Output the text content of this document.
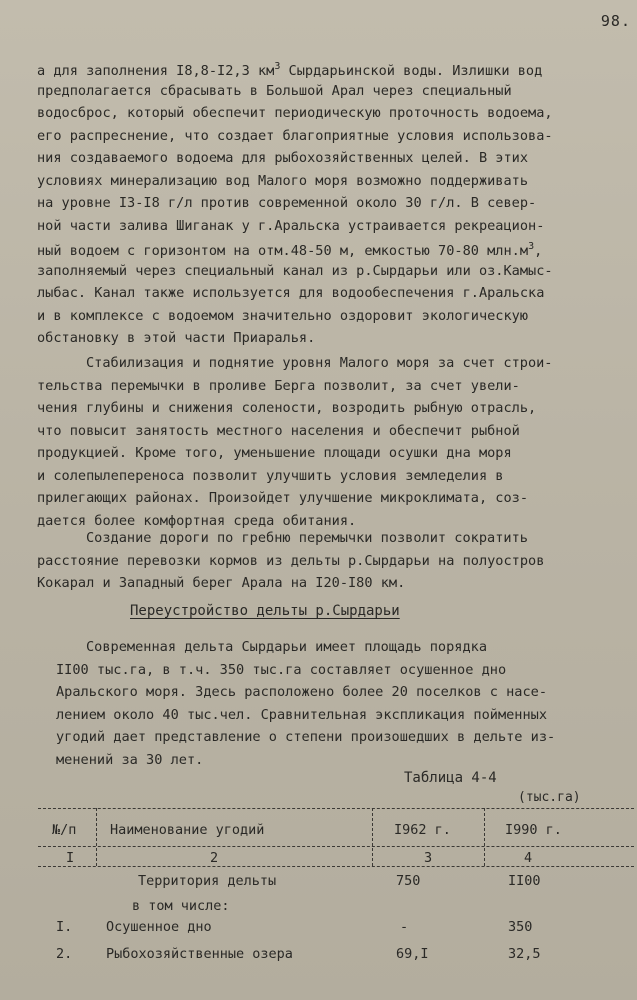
98.
а для заполнения I8,8-I2,3 $км^3$ Сырдарьинской воды. Излишки вод
предполагается сбрасывать в Большой Арал через специальный
водосброс, который обеспечит периодическую проточность водоема,
его распреснение, что создает благоприятные условия использова-
ния создаваемого водоема для рыбохозяйственных целей. В этих
условиях минерализацию вод Малого моря возможно поддерживать
на уровне I3-I8 г/л против современной около 30 г/л. В север-
ной части залива Шиганак у г.Аральска устраивается рекреацион-
ный водоем с горизонтом на отм.48-50 м, емкостью 70-80 $млн.м^3$,
заполняемый через специальный канал из р.Сырдарьи или оз.Камыс-
лыбас. Канал также используется для водообеспечения г.Аральска
и в комплексе с водоемом значительно оздоровит экологическую
обстановку в этой части Приаралья.
Стабилизация и поднятие уровня Малого моря за счет строи-
тельства перемычки в проливе Берга позволит, за счет увели-
чения глубины и снижения солености, возродить рыбную отрасль,
что повысит занятость местного населения и обеспечит рыбной
продукцией. Кроме того, уменьшение площади осушки дна моря
и солепылепереноса позволит улучшить условия земледелия в
прилегающих районах. Произойдет улучшение микроклимата, соз-
дается более комфортная среда обитания.
Создание дороги по гребню перемычки позволит сократить
расстояние перевозки кормов из дельты р.Сырдарьи на полуостров
Кокарал и Западный берег Арала на I20-I80 км.
Переустройство дельты р.Сырдарьи
Современная дельта Сырдарьи имеет площадь порядка
II00 тыс.га, в т.ч. 350 тыс.га составляет осушенное дно
Аральского моря. Здесь расположено более 20 поселков с насе-
лением около 40 тыс.чел. Сравнительная экспликация пойменных
угодий дает представление о степени произошедших в дельте из-
менений за 30 лет.
Таблица 4-4
(тыс.га)
№/п Наименование угодий	I962 г.	I990 г.
I	2	3	4
Территория дельты	750	II00
в том числе:
I. Осушенное дно	-	350
2. Рыбохозяйственные озера	69,I	32,5
